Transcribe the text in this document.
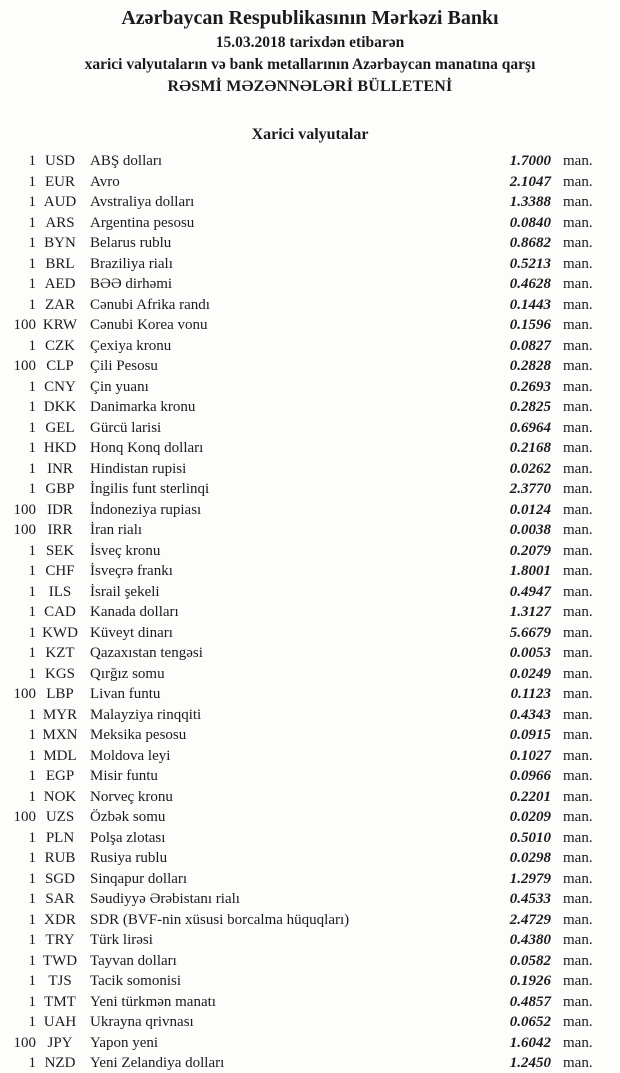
Azərbaycan Respublikasının Mərkəzi Bankı
15.03.2018 tarixdən etibarən
xarici valyutaların və bank metallarının Azərbaycan manatına qarşı
RƏSMİ MƏZƏNNƏLƏRİ BÜLLETENİ
Xarici valyutalar
1 USD	ABŞ dolları	1.7000 man.
1 EUR	Avro	2.1047 man.
1 AUD Avstraliya dolları	1.3388 man.
1 ARS	Argentina pesosu	0.0840 man.
1 BYN Belarus rublu	0.8682 man.
1 BRL	Braziliya rialı	0.5213 man.
1 AED BƏƏ dirhəmi	0.4628 man.
1 ZAR	Cənubi Afrika randı	0.1443 man.
100 KRW Cənubi Korea vonu	0.1596 man.
1 CZK	Çexiya kronu	0.0827 man.
100 CLP	Çili Pesosu	0.2828 man.
1 CNY Çin yuanı	0.2693 man.
1 DKK Danimarka kronu	0.2825 man.
1 GEL	Gürcü larisi	0.6964 man.
1 HKD Honq Konq dolları	0.2168 man.
1 INR	Hindistan rupisi	0.0262 man.
1 GBP	İngilis funt sterlinqi	2.3770 man.
100 IDR	İndoneziya rupiası	0.0124 man.
100 IRR	İran rialı	0.0038 man.
1 SEK	İsveç kronu	0.2079 man.
1 CHF	İsveçrə frankı	1.8001 man.
1 ILS	İsrail şekeli	0.4947 man.
1 CAD Kanada dolları	1.3127 man.
1 KWD Küveyt dinarı	5.6679 man.
1 KZT	Qazaxıstan tengəsi	0.0053 man.
1 KGS	Qırğız somu	0.0249 man.
100 LBP	Livan funtu	0.1123 man.
1 MYR Malayziya rinqqiti	0.4343 man.
1 MXN Meksika pesosu	0.0915 man.
1 MDL Moldova leyi	0.1027 man.
1 EGP	Misir funtu	0.0966 man.
1 NOK Norveç kronu	0.2201 man.
100 UZS	Özbək somu	0.0209 man.
1 PLN	Polşa zlotası	0.5010 man.
1 RUB Rusiya rublu	0.0298 man.
1 SGD	Sinqapur dolları	1.2979 man.
1 SAR	Səudiyyə Ərəbistanı rialı	0.4533 man.
1 XDR SDR (BVF-nin xüsusi borcalma hüquqları)	2.4729 man.
1 TRY	Türk lirəsi	0.4380 man.
1 TWD Tayvan dolları	0.0582 man.
1 TJS	Tacik somonisi	0.1926 man.
1 TMT Yeni türkmən manatı	0.4857 man.
1 UAH Ukrayna qrivnası	0.0652 man.
100 JPY	Yapon yeni	1.6042 man.
1 NZD Yeni Zelandiya dolları	1.2450 man.
